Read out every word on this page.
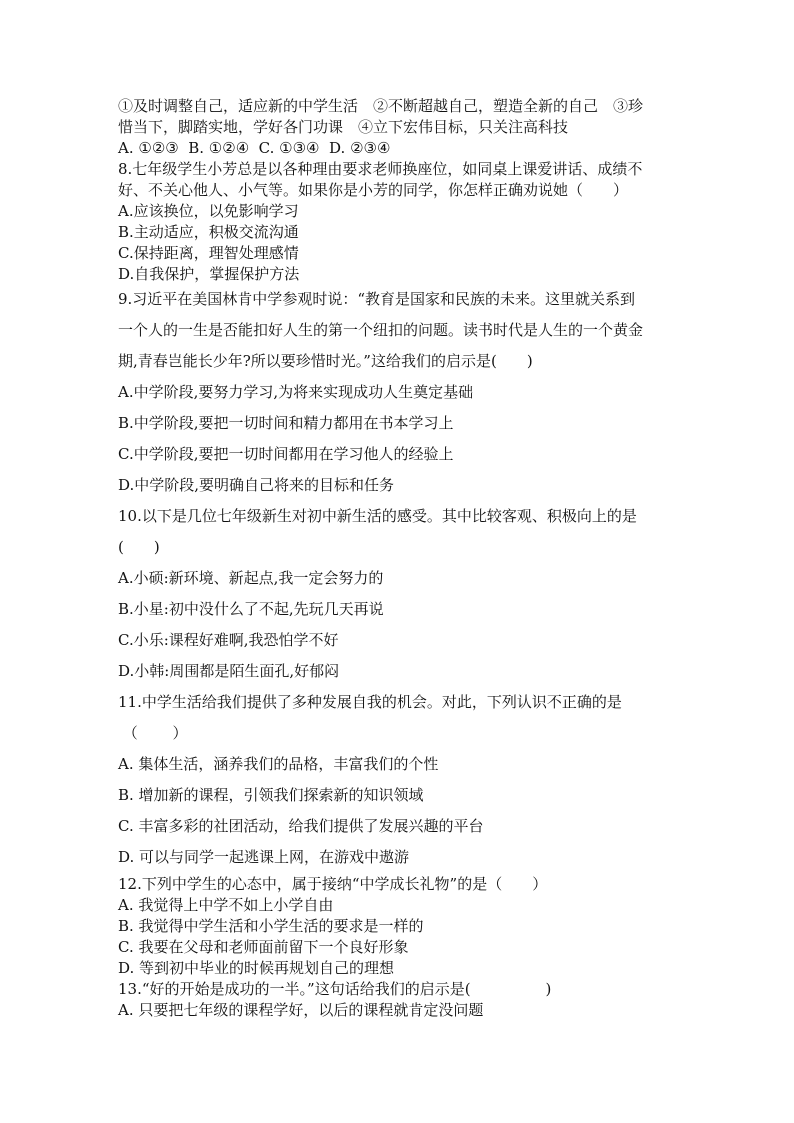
①及时调整自己，适应新的中学生活　②不断超越自己，塑造全新的自己　③珍
惜当下，脚踏实地，学好各门功课　④立下宏伟目标，只关注高科技
A. ①②③  B. ①②④  C. ①③④  D. ②③④
8.七年级学生小芳总是以各种理由要求老师换座位，如同桌上课爱讲话、成绩不
好、不关心他人、小气等。如果你是小芳的同学，你怎样正确劝说她（　　）
A.应该换位，以免影响学习
B.主动适应，积极交流沟通
C.保持距离，理智处理感情
D.自我保护，掌握保护方法
9.习近平在美国林肯中学参观时说：“教育是国家和民族的未来。这里就关系到
一个人的一生是否能扣好人生的第一个纽扣的问题。读书时代是人生的一个黄金
期,青春岂能长少年?所以要珍惜时光。”这给我们的启示是(　　)
A.中学阶段,要努力学习,为将来实现成功人生奠定基础
B.中学阶段,要把一切时间和精力都用在书本学习上
C.中学阶段,要把一切时间都用在学习他人的经验上
D.中学阶段,要明确自己将来的目标和任务
10.以下是几位七年级新生对初中新生活的感受。其中比较客观、积极向上的是
(　　)
A.小硕:新环境、新起点,我一定会努力的
B.小星:初中没什么了不起,先玩几天再说
C.小乐:课程好难啊,我恐怕学不好
D.小韩:周围都是陌生面孔,好郁闷
11.中学生活给我们提供了多种发展自我的机会。对此，下列认识不正确的是
（　　 ）
A. 集体生活，涵养我们的品格，丰富我们的个性
B. 增加新的课程，引领我们探索新的知识领域
C. 丰富多彩的社团活动，给我们提供了发展兴趣的平台
D. 可以与同学一起逃课上网，在游戏中遨游
12.下列中学生的心态中，属于接纳“中学成长礼物”的是（　　）
A. 我觉得上中学不如上小学自由
B. 我觉得中学生活和小学生活的要求是一样的
C. 我要在父母和老师面前留下一个良好形象
D. 等到初中毕业的时候再规划自己的理想
13.“好的开始是成功的一半。”这句话给我们的启示是(　　　　　)
A. 只要把七年级的课程学好，以后的课程就肯定没问题
